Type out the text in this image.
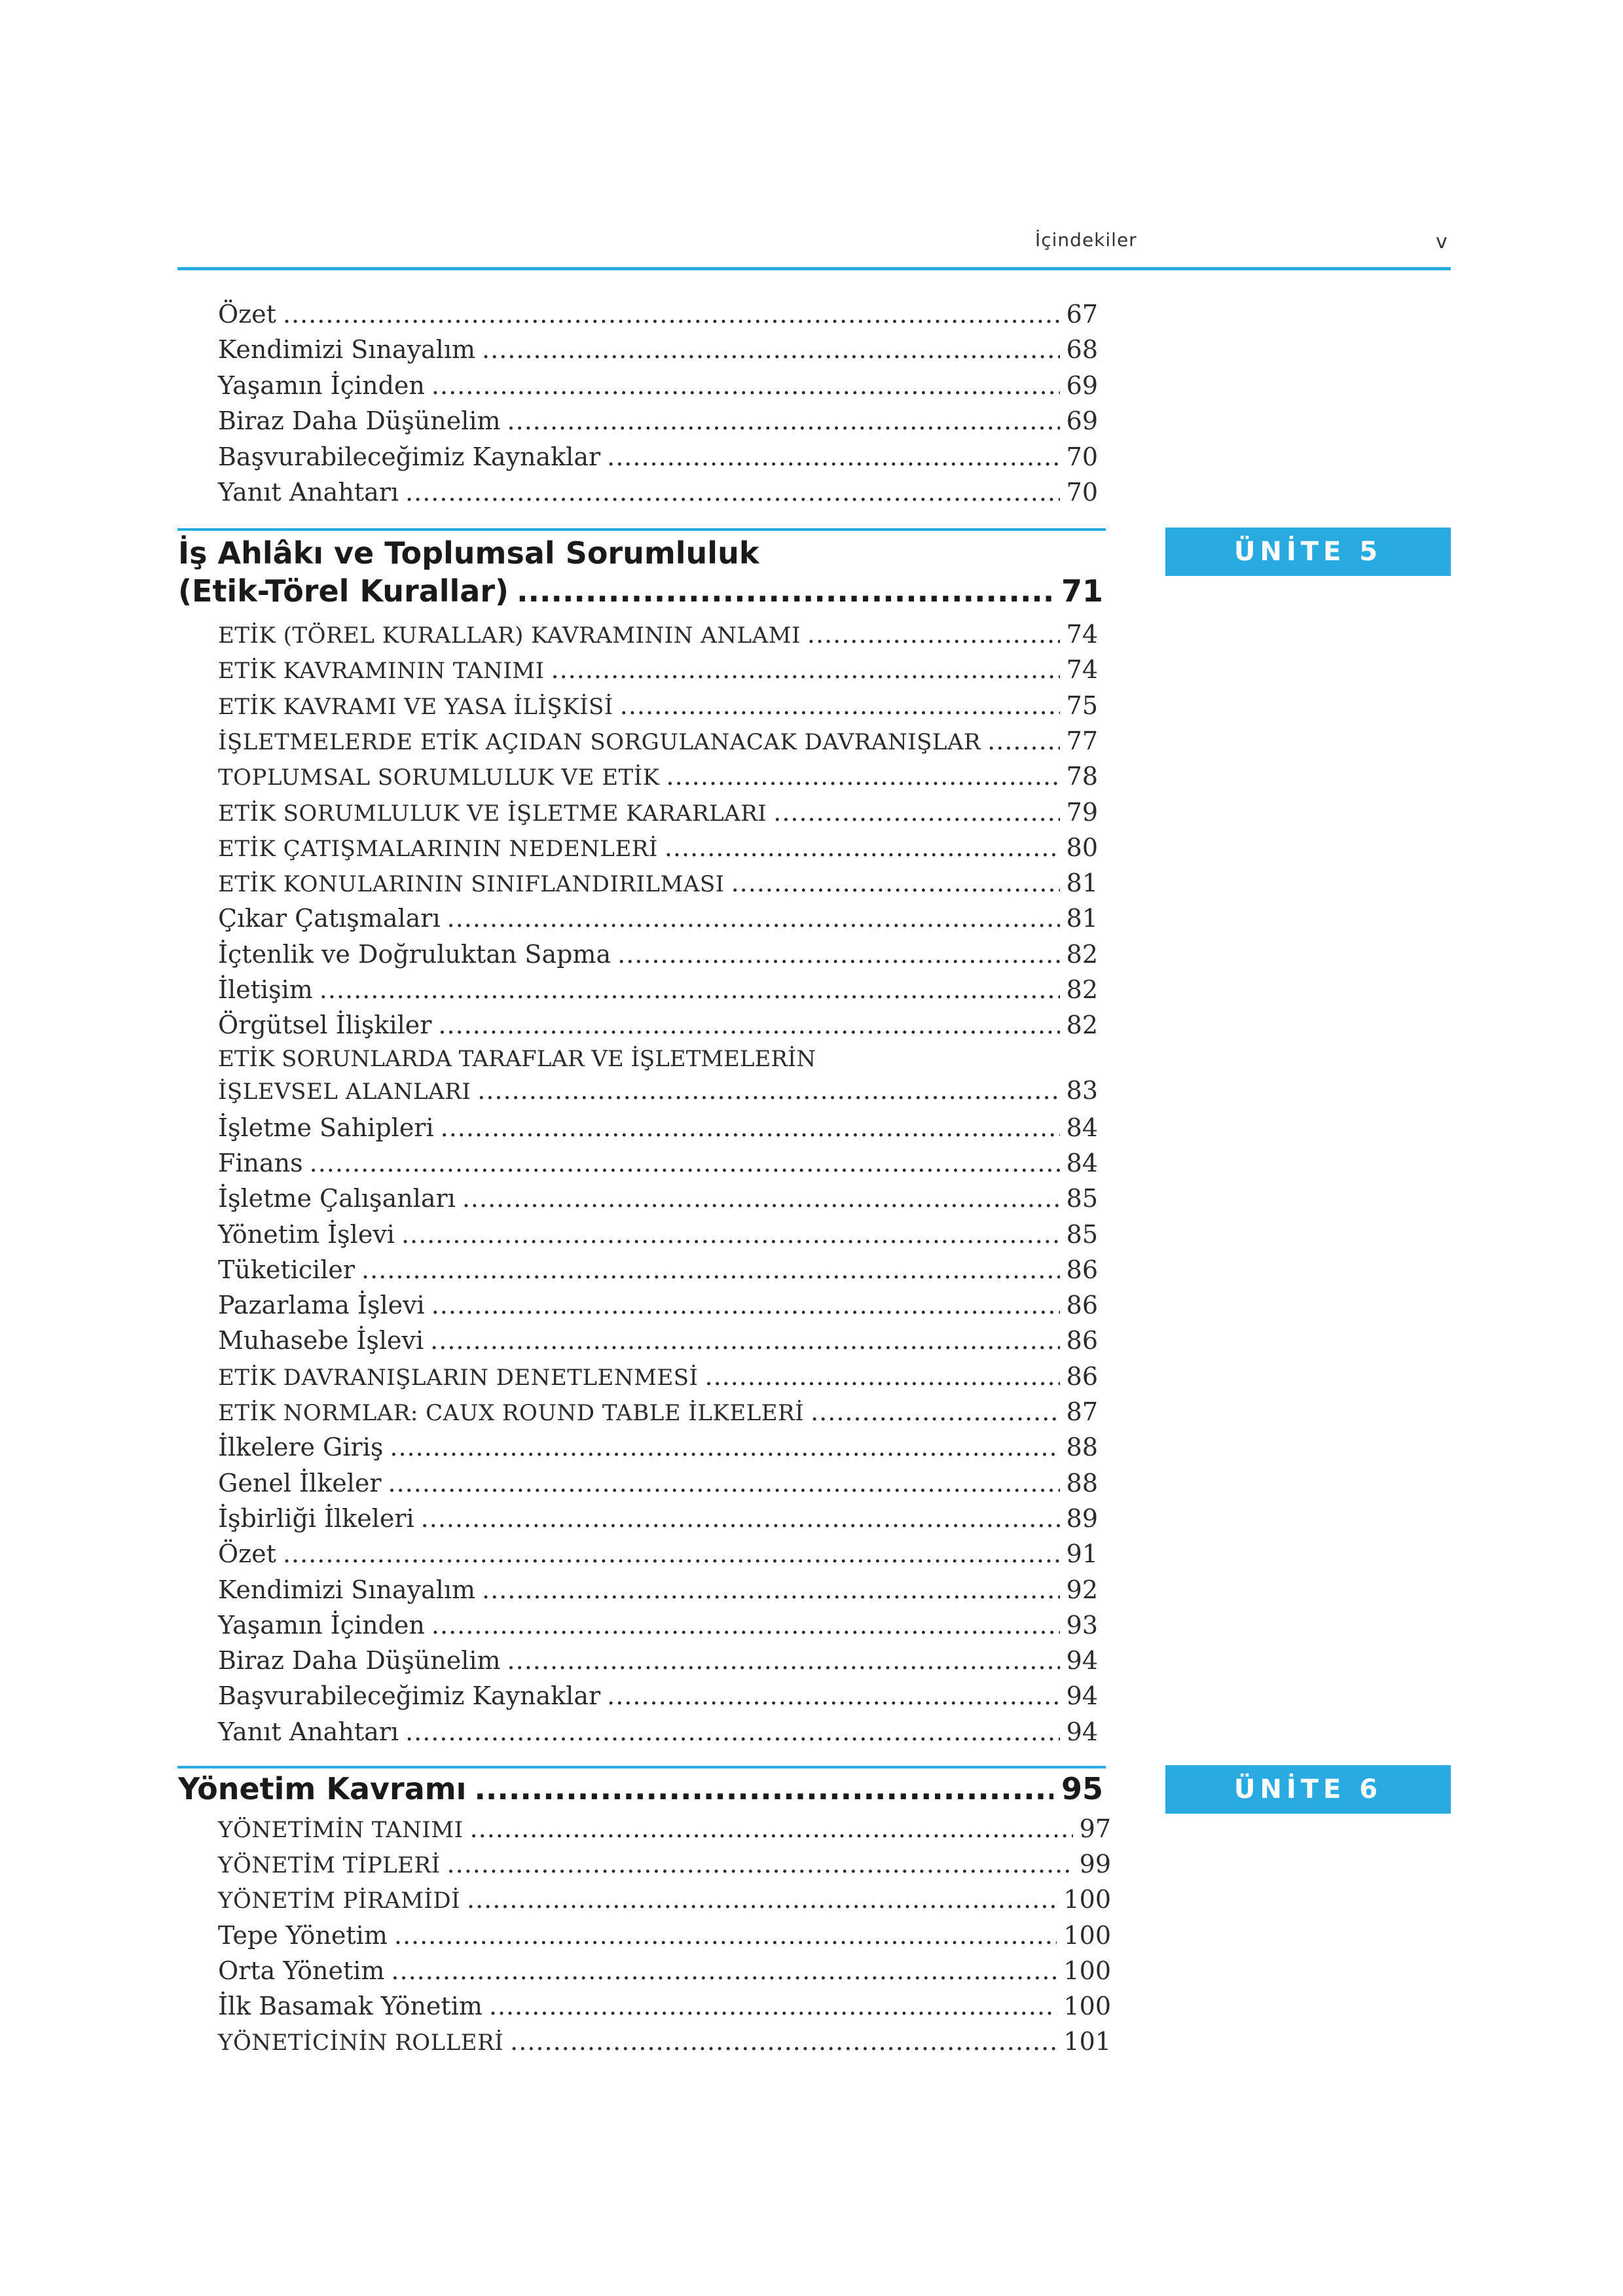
İçindekiler	v
Özet .....	67
Kendimizi Sınayalım .....	68
Yaşamın İçinden .....	69
Biraz Daha Düşünelim .....	69
Başvurabileceğimiz Kaynaklar .....	70
Yanıt Anahtarı .....	70
ETİK (TÖREL KURALLAR) KAVRAMININ ANLAMI .....	74
ETİK KAVRAMININ TANIMI .....	74
ETİK KAVRAMI VE YASA İLİŞKİSİ .....	75
İŞLETMELERDE ETİK AÇIDAN SORGULANACAK DAVRANIŞLAR .....	77
TOPLUMSAL SORUMLULUK VE ETİK .....	78
ETİK SORUMLULUK VE İŞLETME KARARLARI .....	79
ETİK ÇATIŞMALARININ NEDENLERİ .....	80
ETİK KONULARININ SINIFLANDIRILMASI .....	81
Çıkar Çatışmaları .....	81
İçtenlik ve Doğruluktan Sapma .....	82
İletişim .....	82
Örgütsel İlişkiler .....	82
ETİK SORUNLARDA TARAFLAR VE İŞLETMELERİN
İŞLEVSEL ALANLARI .....	83
İşletme Sahipleri .....	84
Finans .....	84
İşletme Çalışanları .....	85
Yönetim İşlevi .....	85
Tüketiciler .....	86
Pazarlama İşlevi .....	86
Muhasebe İşlevi .....	86
ETİK DAVRANIŞLARIN DENETLENMESİ .....	86
ETİK NORMLAR: CAUX ROUND TABLE İLKELERİ .....	87
İlkelere Giriş .....	88
Genel İlkeler .....	88
İşbirliği İlkeleri .....	89
Özet .....	91
Kendimizi Sınayalım .....	92
Yaşamın İçinden .....	93
Biraz Daha Düşünelim .....	94
Başvurabileceğimiz Kaynaklar .....	94
Yanıt Anahtarı .....	94
YÖNETİMİN TANIMI .....	97
YÖNETİM TİPLERİ .....	99
YÖNETİM PİRAMİDİ .....	100
Tepe Yönetim .....	100
Orta Yönetim .....	100
İlk Basamak Yönetim .....	100
YÖNETİCİNİN ROLLERİ .....	101
ÜNİTE 5
İş Ahlâkı ve Toplumsal Sorumluluk
(Etik-Törel Kurallar) .....	71
ÜNİTE 6
Yönetim Kavramı .....	95
